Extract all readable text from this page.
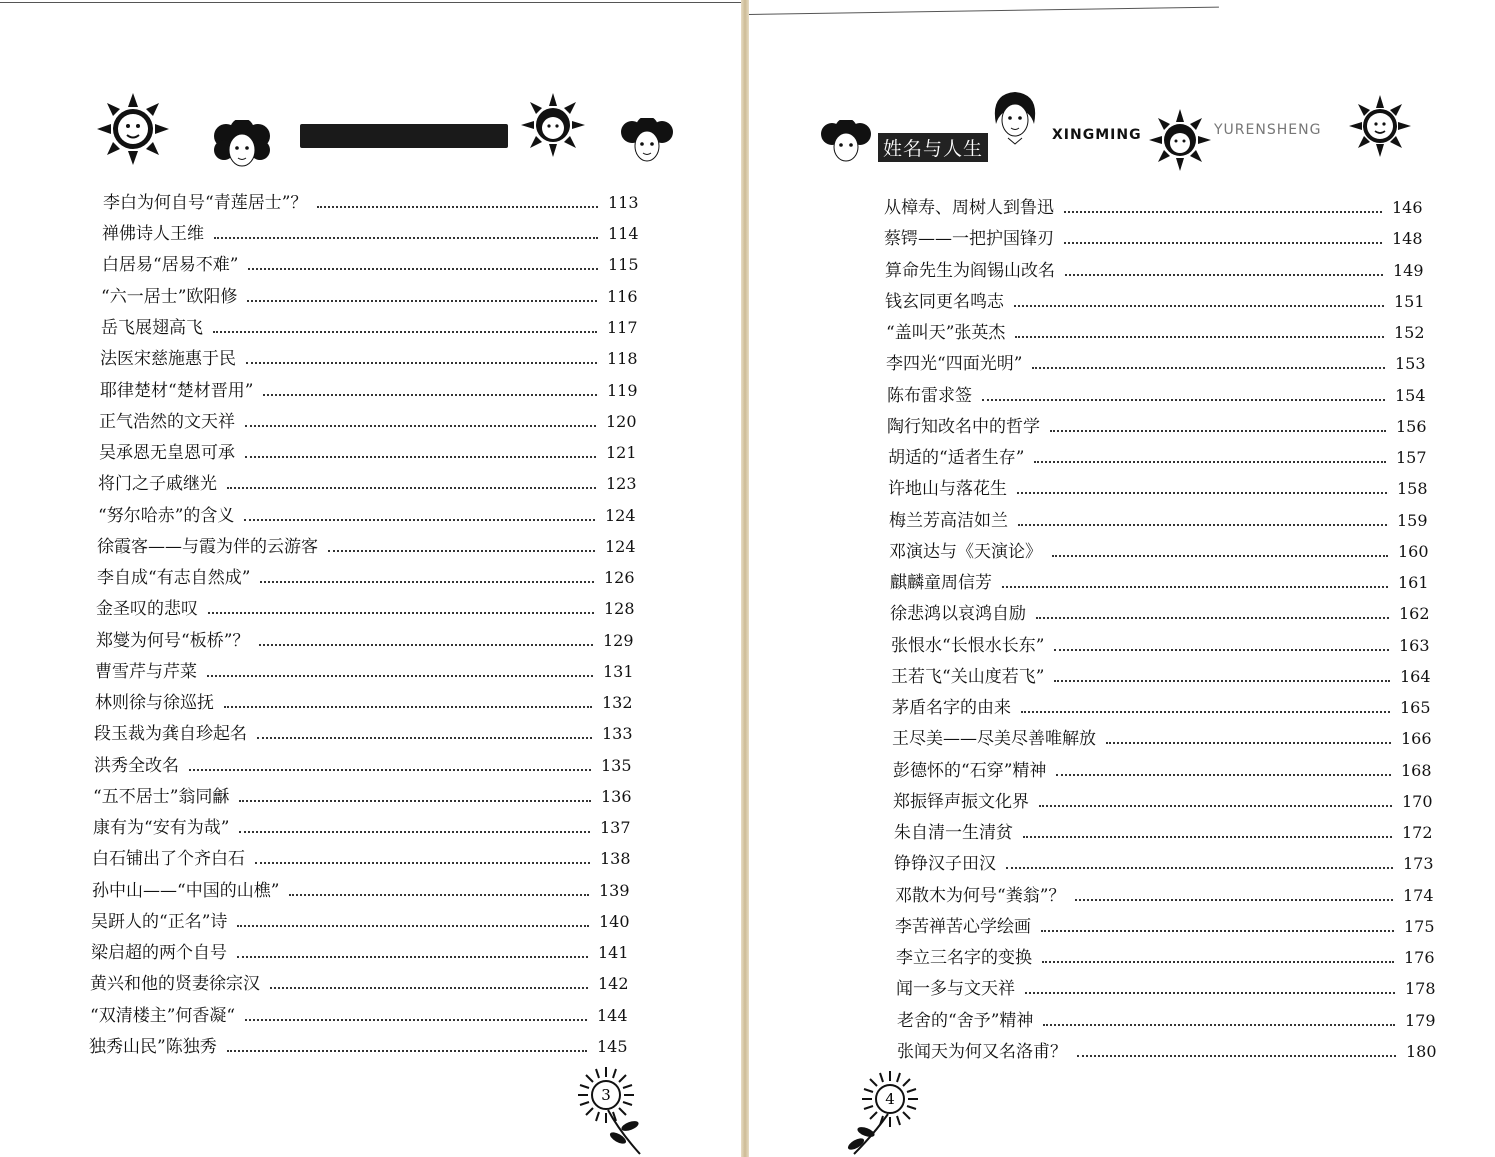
李白为何自号“青莲居士”？	113
禅佛诗人王维	114
白居易“居易不难”	115
“六一居士”欧阳修	116
岳飞展翅高飞	117
法医宋慈施惠于民	118
耶律楚材“楚材晋用”	119
正气浩然的文天祥	120
吴承恩无皇恩可承	121
将门之子戚继光	123
“努尔哈赤”的含义	124
徐霞客——与霞为伴的云游客	124
李自成“有志自然成”	126
金圣叹的悲叹	128
郑燮为何号“板桥”？	129
曹雪芹与芹菜	131
林则徐与徐巡抚	132
段玉裁为龚自珍起名	133
洪秀全改名	135
“五不居士”翁同龢	136
康有为“安有为哉”	137
白石铺出了个齐白石	138
孙中山——“中国的山樵”	139
吴趼人的“正名”诗	140
梁启超的两个自号	141
黄兴和他的贤妻徐宗汉	142
“双清楼主”何香凝“	144
独秀山民”陈独秀	145
3
姓名与人生
XINGMING	YURENSHENG
从樟寿、周树人到鲁迅	146
蔡锷——一把护国锋刃	148
算命先生为阎锡山改名	149
钱玄同更名鸣志	151
“盖叫天”张英杰	152
李四光“四面光明”	153
陈布雷求签	154
陶行知改名中的哲学	156
胡适的“适者生存”	157
许地山与落花生	158
梅兰芳高洁如兰	159
邓演达与《天演论》	160
麒麟童周信芳	161
徐悲鸿以哀鸿自励	162
张恨水“长恨水长东”	163
王若飞“关山度若飞”	164
茅盾名字的由来	165
王尽美——尽美尽善唯解放	166
彭德怀的“石穿”精神	168
郑振铎声振文化界	170
朱自清一生清贫	172
铮铮汉子田汉	173
邓散木为何号“粪翁”？	174
李苦禅苦心学绘画	175
李立三名字的变换	176
闻一多与文天祥	178
老舍的“舍予”精神	179
张闻天为何又名洛甫？	180
4
